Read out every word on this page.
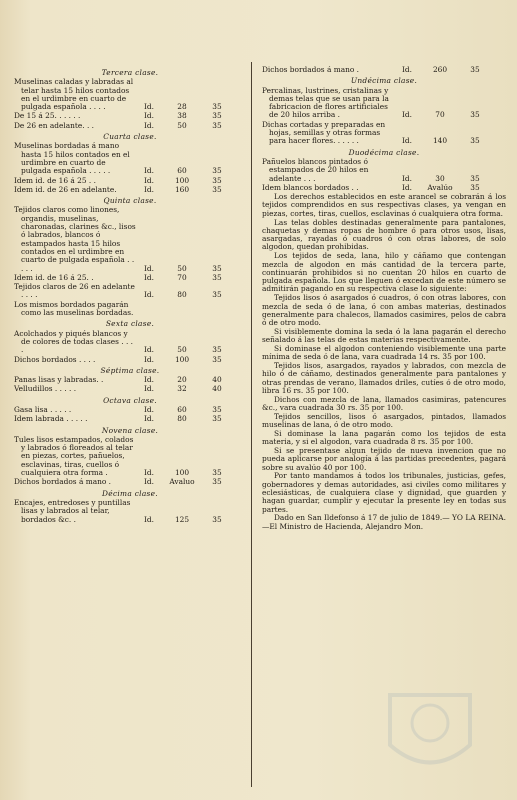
Tercera clase.
Muselinas caladas y labradas al telar hasta 15 hilos contados en el urdimbre en cuarto de pulgada española . . . .	Id.	28	35
De 15 á 25. . . . . .	Id.	38	35
De 26 en adelante. . .	Id.	50	35
Cuarta clase.
Muselinas bordadas á mano hasta 15 hilos contados en el urdimbre en cuarto de pulgada española . . . . .	Id.	60	35
Idem id. de 16 á 25 . .	Id.	100	35
Idem id. de 26 en adelante.	Id.	160	35
Quinta clase.
Tejidos claros como linones, organdis, muselinas, charonadas, clarines &c., lisos ó labrados, blancos ó estampados hasta 15 hilos contados en el urdimbre en cuarto de pulgada española . . . . .	Id.	50	35
Idem id. de 16 á 25. .	Id.	70	35
Tejidos claros de 26 en adelante . . . .	Id.	80	35
Los mismos bordados pagarán como las muselinas bordadas.
Sexta clase.
Acolchados y piqués blancos y de colores de todas clases . . . .	Id.	50	35
Dichos bordados . . . .	Id.	100	35
Séptima clase.
Panas lisas y labradas. .	Id.	20	40
Velludillos . . . . .	Id.	32	40
Octava clase.
Gasa lisa . . . . .	Id.	60	35
Idem labrada . . . . .	Id.	80	35
Novena clase.
Tules lisos estampados, colados y labrados ó floreados al telar en piezas, cortes, pañuelos, esclavinas, tiras, cuellos ó cualquiera otra forma .	Id.	100	35
Dichos bordados á mano .	Id.	Avaluo	35
Décima clase.
Encajes, entredoses y puntillas lisas y labrados al telar, bordados &c. .	Id.	125	35
Dichos bordados á mano .	Id.	260	35
Undécima clase.
Percalinas, lustrines, cristalinas y demas telas que se usan para la fabricacion de flores artificiales de 20 hilos arriba .	Id.	70	35
Dichas cortadas y preparadas en hojas, semillas y otras formas para hacer flores. . . . . .	Id.	140	35
Duodécima clase.
Pañuelos blancos pintados ó estampados de 20 hilos en adelante . . .	Id.	30	35
Idem blancos bordados . .	Id.	Avalúo	35

Los derechos establecidos en este arancel se cobrarán á los tejidos comprendidos en sus respectivas clases, ya vengan en piezas, cortes, tiras, cuellos, esclavinas ó cualquiera otra forma.

Las telas dobles destinadas generalmente para pantalones, chaquetas y demas ropas de hombre ó para otros usos, lisas, asargadas, rayadas ó cuadros ó con otras labores, de solo algodon, quedan prohibidas.

Los tejidos de seda, lana, hilo y cáñamo que contengan mezcla de algodon en más cantidad de la tercera parte, continuarán prohibidos si no cuentan 20 hilos en cuarto de pulgada española. Los que lleguen ó excedan de este número se admitirán pagando en su respectiva clase lo siguiente:

Tejidos lisos ó asargados ó cuadros, ó con otras labores, con mezcla de seda ó de lana, ó con ambas materias, destinados generalmente para chalecos, llamados casimires, pelos de cabra ó de otro modo.

Si visiblemente domina la seda ó la lana pagarán el derecho señalado á las telas de estas materias respectivamente.

Si dominase el algodon conteniendo visiblemente una parte mínima de seda ó de lana, vara cuadrada 14 rs. 35 por 100.

Tejidos lisos, asargados, rayados y labrados, con mezcla de hilo ó de cáñamo, destinados generalmente para pantalones y otras prendas de verano, llamados driles, cutíes ó de otro modo, libra 16 rs. 35 por 100.

Dichos con mezcla de lana, llamados casimiras, patencures &c., vara cuadrada 30 rs. 35 por 100.

Tejidos sencillos, lisos ó asargados, pintados, llamados muselinas de lana, ó de otro modo.

Si dominase la lana pagarán como los tejidos de esta materia, y si el algodon, vara cuadrada 8 rs. 35 por 100.

Si se presentase algun tejido de nueva invencion que no pueda aplicarse por analogía á las partidas precedentes, pagará sobre su avalúo 40 por 100.

Por tanto mandamos á todos los tribunales, justicias, gefes, gobernadores y demas autoridades, asi civiles como militares y eclesiásticas, de cualquiera clase y dignidad, que guarden y hagan guardar, cumplir y ejecutar la presente ley en todas sus partes.

Dado en San Ildefonso á 17 de julio de 1849.— YO LA REINA.—El Ministro de Hacienda, Alejandro Mon.
